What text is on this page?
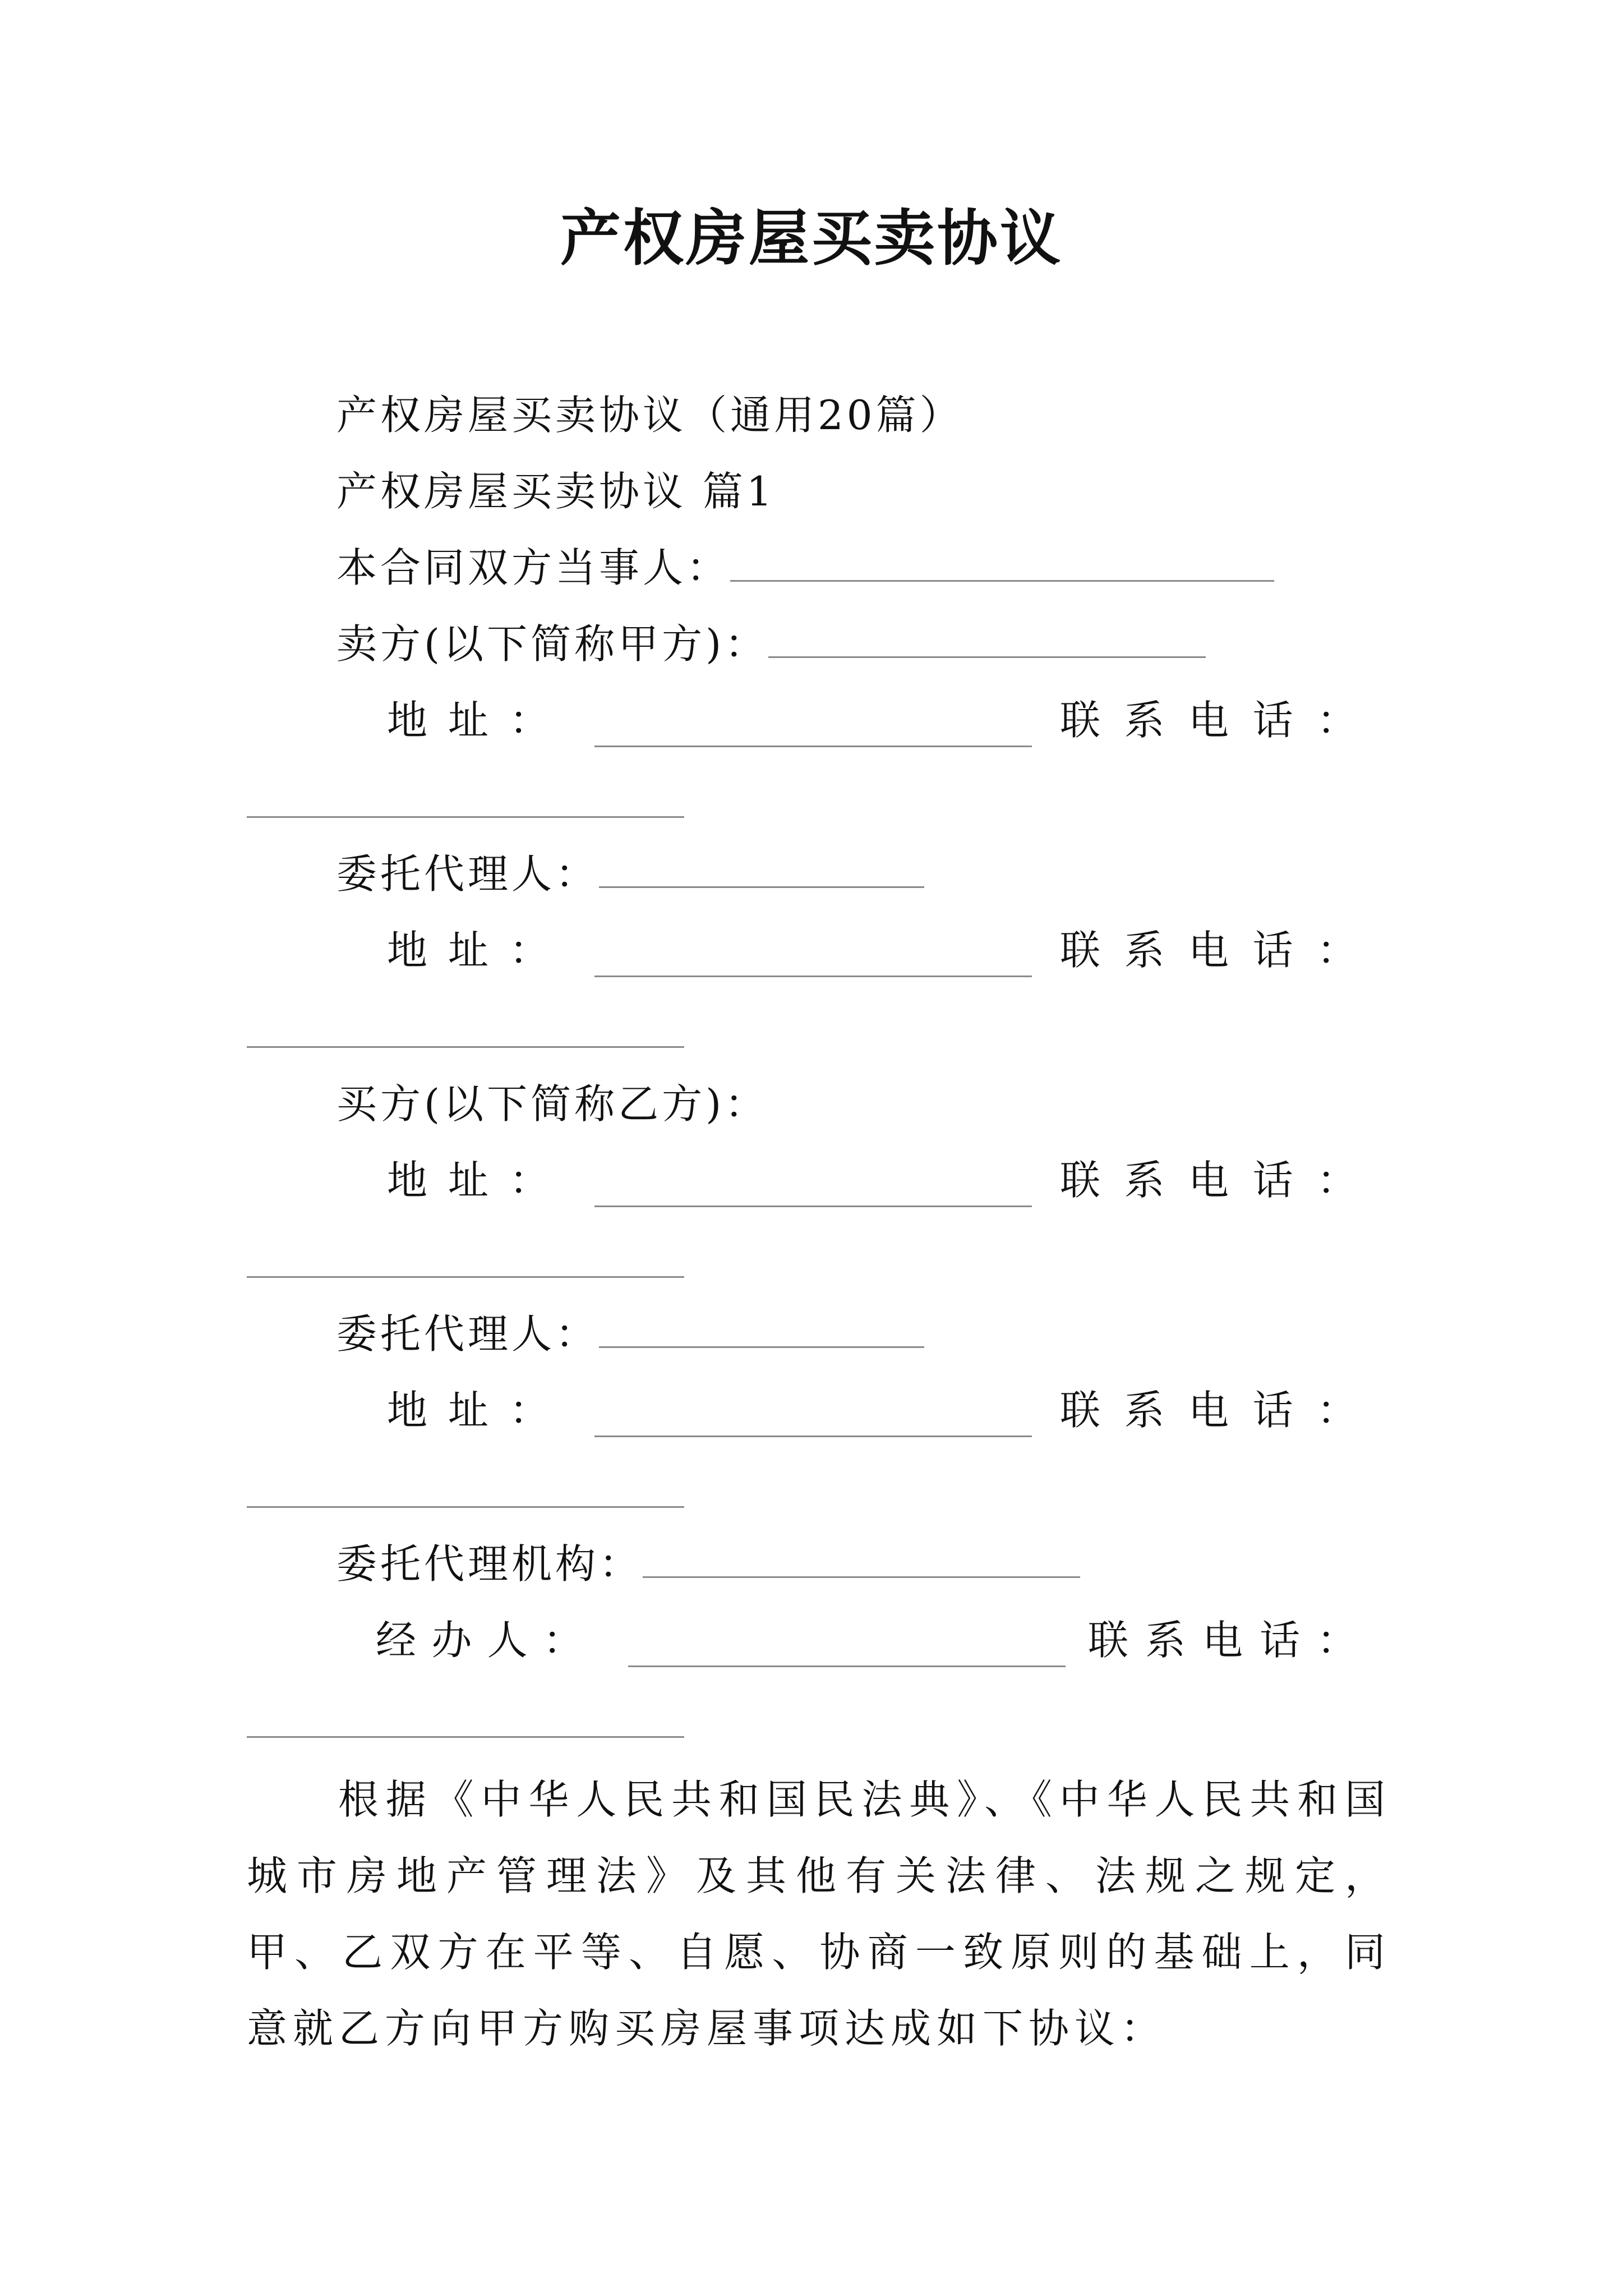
产权房屋买卖协议
产权房屋买卖协议（通用20篇）
产权房屋买卖协议 篇1
本合同双方当事人：
卖方(以下简称甲方)：
地 址 ：	联 系 电 话 ：
委托代理人：
地 址 ：	联 系 电 话 ：
买方(以下简称乙方)：
地 址 ：	联 系 电 话 ：
委托代理人：
地 址 ：	联 系 电 话 ：
委托代理机构：
经 办 人 ：	联 系 电 话 ：
根据《中华人民共和国民法典》、《中华人民共和国城市房地产管理法》及其他有关法律、法规之规定，甲、乙双方在平等、自愿、协商一致原则的基础上，同意就乙方向甲方购买房屋事项达成如下协议：
